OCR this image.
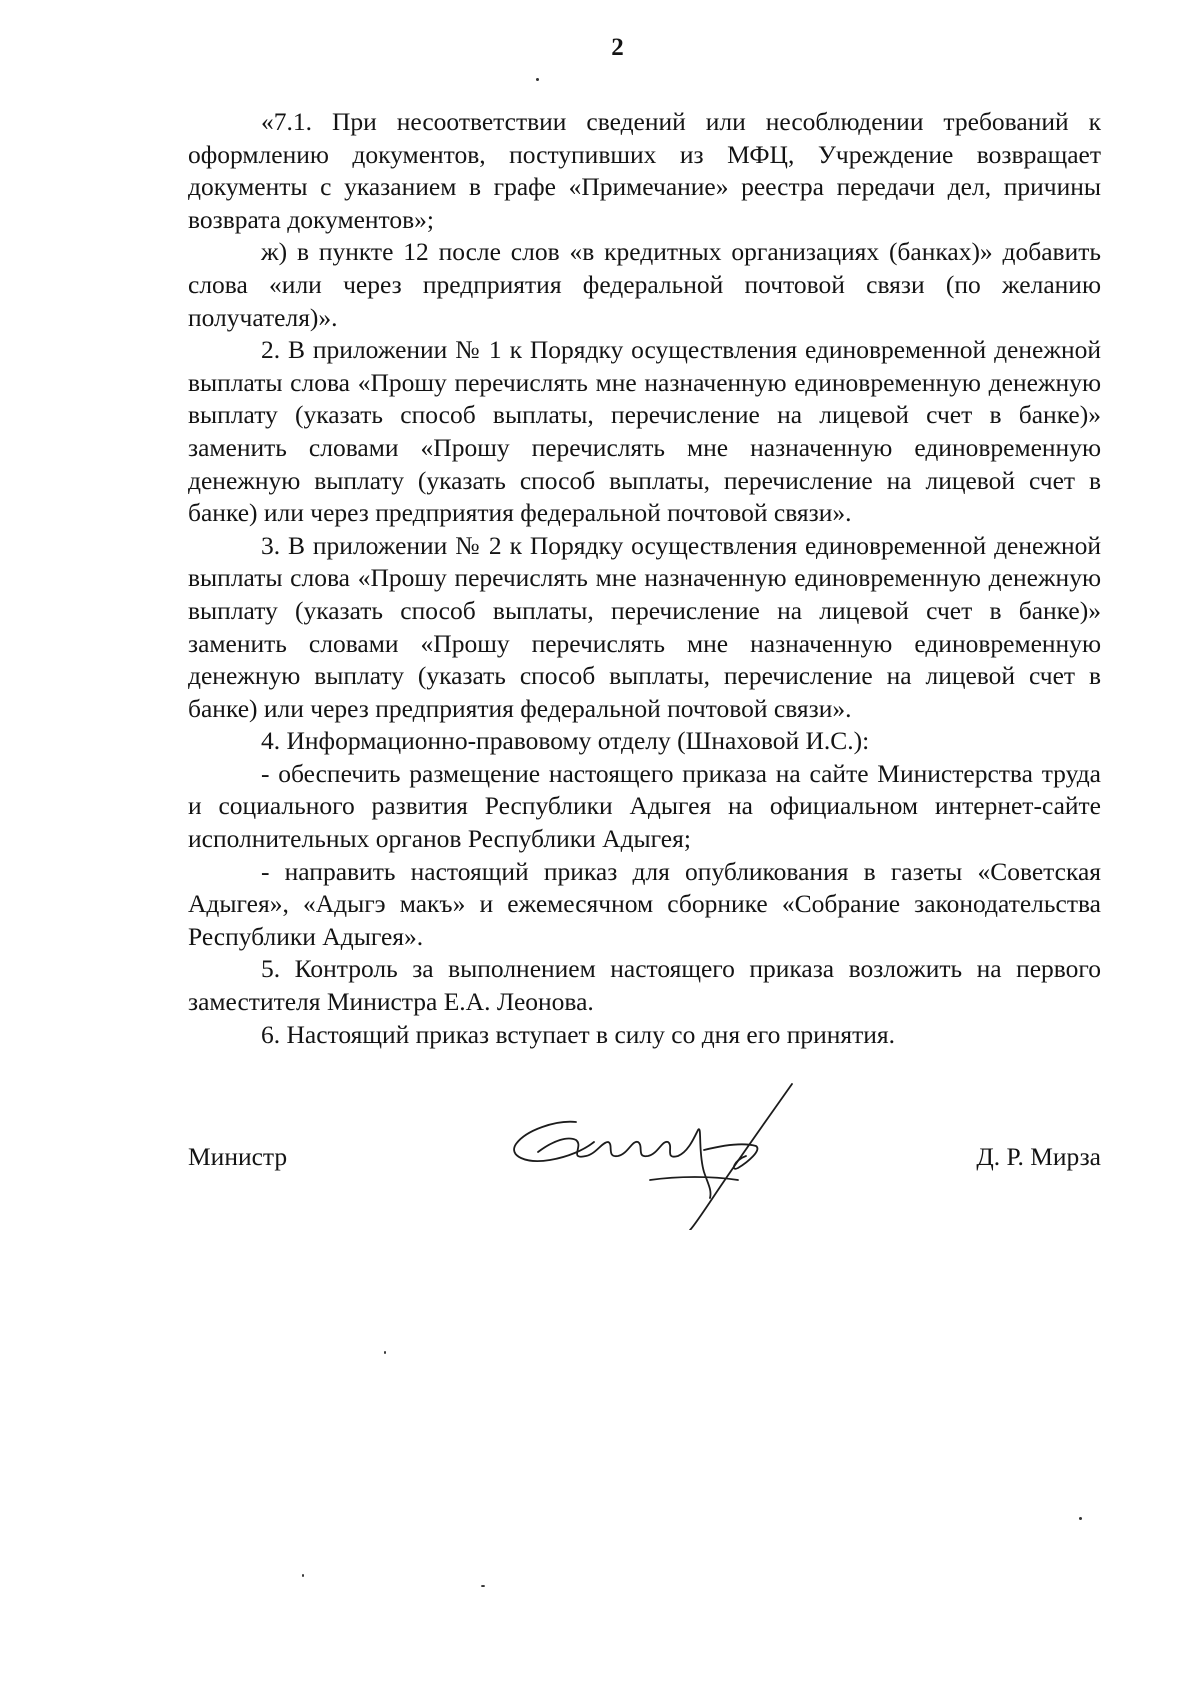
2

«7.1. При несоответствии сведений или несоблюдении требований к оформлению документов, поступивших из МФЦ, Учреждение возвращает документы с указанием в графе «Примечание» реестра передачи дел, причины возврата документов»;

ж) в пункте 12 после слов «в кредитных организациях (банках)» добавить слова «или через предприятия федеральной почтовой связи (по желанию получателя)».

2. В приложении № 1 к Порядку осуществления единовременной денежной выплаты слова «Прошу перечислять мне назначенную единовременную денежную выплату (указать способ выплаты, перечисление на лицевой счет в банке)» заменить словами «Прошу перечислять мне назначенную единовременную денежную выплату (указать способ выплаты, перечисление на лицевой счет в банке) или через предприятия федеральной почтовой связи».

3. В приложении № 2 к Порядку осуществления единовременной денежной выплаты слова «Прошу перечислять мне назначенную единовременную денежную выплату (указать способ выплаты, перечисление на лицевой счет в банке)» заменить словами «Прошу перечислять мне назначенную единовременную денежную выплату (указать способ выплаты, перечисление на лицевой счет в банке) или через предприятия федеральной почтовой связи».

4. Информационно-правовому отделу (Шнаховой И.С.):

- обеспечить размещение настоящего приказа на сайте Министерства труда и социального развития Республики Адыгея на официальном интернет-сайте исполнительных органов Республики Адыгея;

- направить настоящий приказ для опубликования в газеты «Советская Адыгея», «Адыгэ макъ» и ежемесячном сборнике «Собрание законодательства Республики Адыгея».

5. Контроль за выполнением настоящего приказа возложить на первого заместителя Министра Е.А. Леонова.

6. Настоящий приказ вступает в силу со дня его принятия.

Министр	Д. Р. Мирза
